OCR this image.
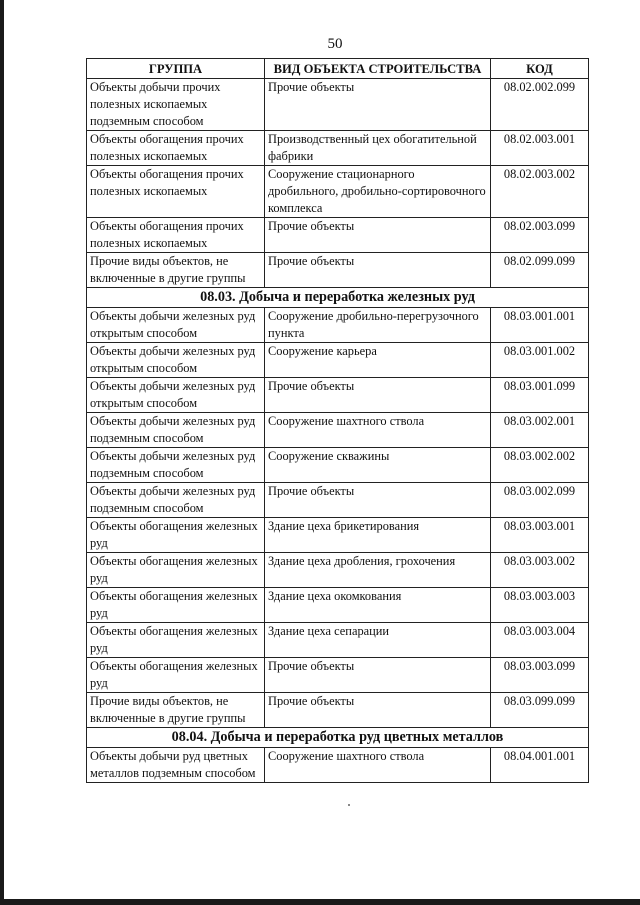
50
ГРУППА	ВИД ОБЪЕКТА СТРОИТЕЛЬСТВА	КОД
Объекты добычи прочих полезных ископаемых подземным способом	Прочие объекты	08.02.002.099
Объекты обогащения прочих полезных ископаемых	Производственный цех обогатительной фабрики	08.02.003.001
Объекты обогащения прочих полезных ископаемых	Сооружение стационарного дробильного, дробильно-сортировочного комплекса	08.02.003.002
Объекты обогащения прочих полезных ископаемых	Прочие объекты	08.02.003.099
Прочие виды объектов, не включенные в другие группы	Прочие объекты	08.02.099.099
08.03. Добыча и переработка железных руд		
Объекты добычи железных руд открытым способом	Сооружение дробильно-перегрузочного пункта	08.03.001.001
Объекты добычи железных руд открытым способом	Сооружение карьера	08.03.001.002
Объекты добычи железных руд открытым способом	Прочие объекты	08.03.001.099
Объекты добычи железных руд подземным способом	Сооружение шахтного ствола	08.03.002.001
Объекты добычи железных руд подземным способом	Сооружение скважины	08.03.002.002
Объекты добычи железных руд подземным способом	Прочие объекты	08.03.002.099
Объекты обогащения железных руд	Здание цеха брикетирования	08.03.003.001
Объекты обогащения железных руд	Здание цеха дробления, грохочения	08.03.003.002
Объекты обогащения железных руд	Здание цеха окомкования	08.03.003.003
Объекты обогащения железных руд	Здание цеха сепарации	08.03.003.004
Объекты обогащения железных руд	Прочие объекты	08.03.003.099
Прочие виды объектов, не включенные в другие группы	Прочие объекты	08.03.099.099
08.04. Добыча и переработка руд цветных металлов		
Объекты добычи руд цветных металлов подземным способом	Сооружение шахтного ствола	08.04.001.001
